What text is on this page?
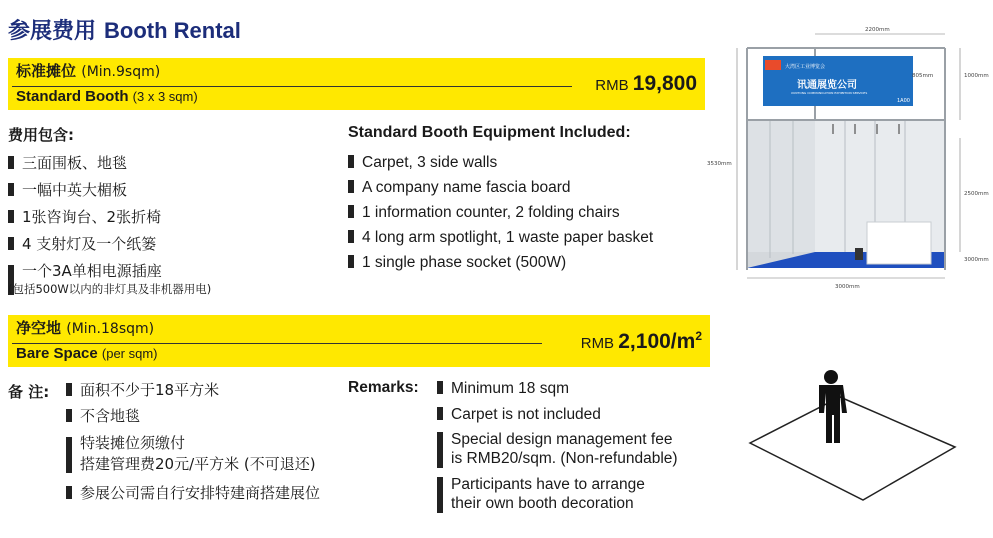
参展费用 Booth Rental
标准摊位 (Min.9sqm)
Standard Booth (3 x 3 sqm)
RMB 19,800
费用包含:	Standard Booth Equipment Included:
三面围板、地毯
一幅中英大楣板
1张咨询台、2张折椅
4 支射灯及一个纸篓
一个3A单相电源插座
(包括500W以内的非灯具及非机器用电)
Carpet, 3 side walls
A company name fascia board
1 information counter, 2 folding chairs
4 long arm spotlight, 1 waste paper basket
1 single phase socket (500W)
大湾区工业博览会
讯通展览公司
XUNTONG COMMUNICATION EXHIBITION SERVICES
1A00
2200mm
805mm	1000mm
3530mm
2500mm
3000mm
3000mm
净空地 (Min.18sqm)
Bare Space (per sqm)
RMB $2,100/m^2$
备 注:	面积不少于18平方米
不含地毯
特装摊位须缴付
搭建管理费20元/平方米 (不可退还)
参展公司需自行安排特建商搭建展位
Remarks:	Minimum 18 sqm
Carpet is not included
Special design management fee
is RMB20/sqm. (Non-refundable)
Participants have to arrange
their own booth decoration
